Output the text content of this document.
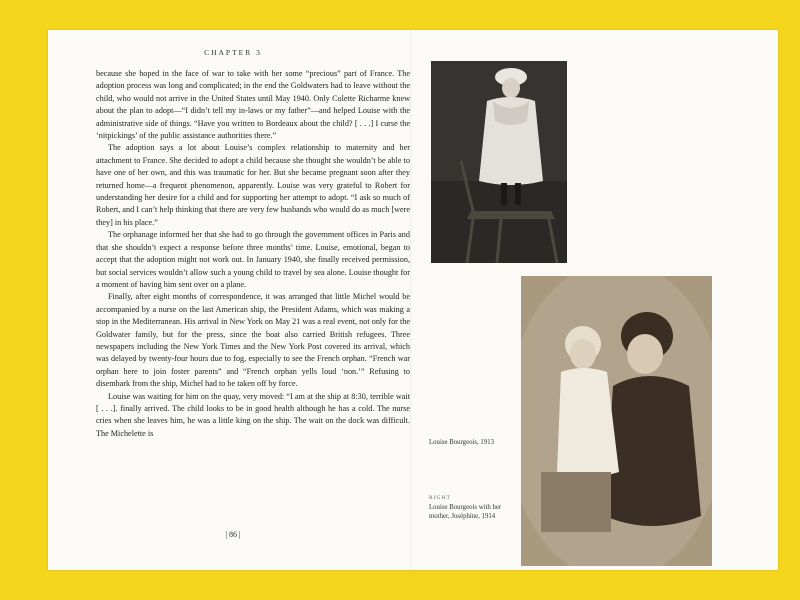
CHAPTER 3

because she hoped in the face of war to take with her some “precious” part of France. The adoption process was long and complicated; in the end the Goldwaters had to leave without the child, who would not arrive in the United States until May 1940. Only Colette Richarme knew about the plan to adopt—“I didn’t tell my in-laws or my father”—and helped Louise with the administrative side of things. “Have you written to Bordeaux about the child? [ . . .] I curse the ‘nitpickings’ of the public assistance authorities there.”

The adoption says a lot about Louise’s complex relationship to maternity and her attachment to France. She decided to adopt a child because she thought she wouldn’t be able to have one of her own, and this was traumatic for her. But she became pregnant soon after they returned home—a frequent phenomenon, apparently. Louise was very grateful to Robert for understanding her desire for a child and for supporting her attempt to adopt. “I ask so much of Robert, and I can’t help thinking that there are very few husbands who would do as much [were they] in his place.”

The orphanage informed her that she had to go through the government offices in Paris and that she shouldn’t expect a response before three months’ time. Louise, emotional, began to accept that the adoption might not work out. In January 1940, she finally received permission, but social services wouldn’t allow such a young child to travel by sea alone. Louise thought for a moment of having him sent over on a plane.

Finally, after eight months of correspondence, it was arranged that little Michel would be accompanied by a nurse on the last American ship, the President Adams, which was making a stop in the Mediterranean. His arrival in New York on May 21 was a real event, not only for the Goldwater family, but for the press, since the boat also carried British refugees. Three newspapers including the New York Times and the New York Post covered its arrival, which was delayed by twenty-four hours due to fog, especially to see the French orphan. “French war orphan here to join foster parents” and “French orphan yells loud ‘non.’” Refusing to disembark from the ship, Michel had to be taken off by force.

Louise was waiting for him on the quay, very moved: “I am at the ship at 8:30, terrible wait [ . . .]. finally arrived. The child looks to be in good health although he has a cold. The nurse cries when she leaves him, he was a little king on the ship. The wait on the dock was difficult. The Michelette is

| 86 |
Louise Bourgeois, 1913
RIGHT
Louise Bourgeois with her mother, Joséphine, 1914
